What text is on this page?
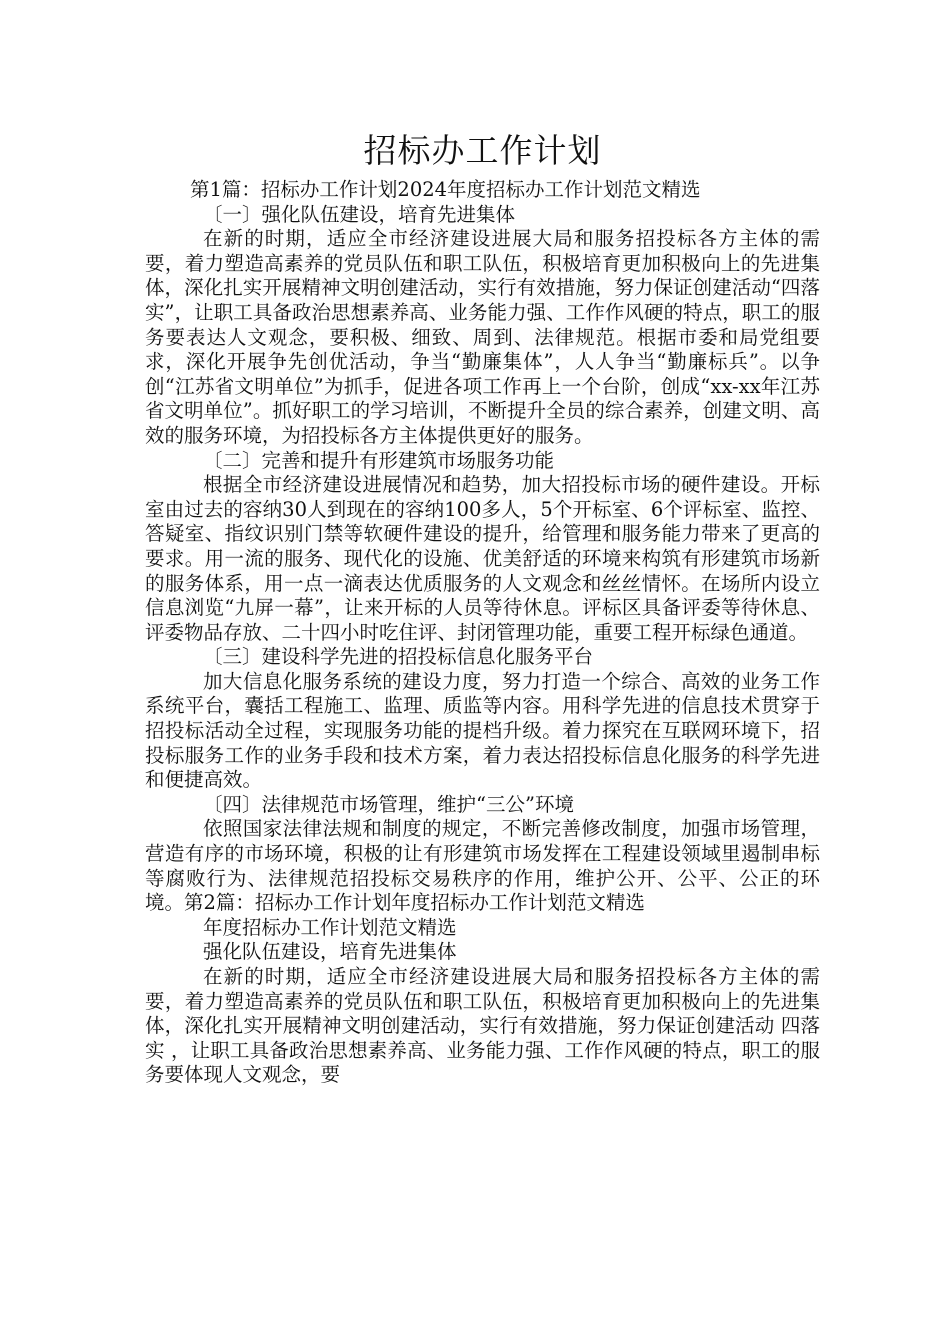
招标办工作计划

第1篇：招标办工作计划2024年度招标办工作计划范文精选

〔一〕强化队伍建设，培育先进集体

在新的时期，适应全市经济建设进展大局和服务招投标各方主体的需要，着力塑造高素养的党员队伍和职工队伍，积极培育更加积极向上的先进集体，深化扎实开展精神文明创建活动，实行有效措施，努力保证创建活动“四落实”，让职工具备政治思想素养高、业务能力强、工作作风硬的特点，职工的服务要表达人文观念，要积极、细致、周到、法律规范。根据市委和局党组要求，深化开展争先创优活动，争当“勤廉集体”，人人争当“勤廉标兵”。以争创“江苏省文明单位”为抓手，促进各项工作再上一个台阶，创成“xx-xx年江苏省文明单位”。抓好职工的学习培训，不断提升全员的综合素养，创建文明、高效的服务环境，为招投标各方主体提供更好的服务。

〔二〕完善和提升有形建筑市场服务功能

根据全市经济建设进展情况和趋势，加大招投标市场的硬件建设。开标室由过去的容纳30人到现在的容纳100多人，5个开标室、6个评标室、监控、答疑室、指纹识别门禁等软硬件建设的提升，给管理和服务能力带来了更高的要求。用一流的服务、现代化的设施、优美舒适的环境来构筑有形建筑市场新的服务体系，用一点一滴表达优质服务的人文观念和丝丝情怀。在场所内设立信息浏览“九屏一幕”，让来开标的人员等待休息。评标区具备评委等待休息、评委物品存放、二十四小时吃住评、封闭管理功能，重要工程开标绿色通道。

〔三〕建设科学先进的招投标信息化服务平台

加大信息化服务系统的建设力度，努力打造一个综合、高效的业务工作系统平台，囊括工程施工、监理、质监等内容。用科学先进的信息技术贯穿于招投标活动全过程，实现服务功能的提档升级。着力探究在互联网环境下，招投标服务工作的业务手段和技术方案，着力表达招投标信息化服务的科学先进和便捷高效。

〔四〕法律规范市场管理，维护“三公”环境

依照国家法律法规和制度的规定，不断完善修改制度，加强市场管理，营造有序的市场环境，积极的让有形建筑市场发挥在工程建设领域里遏制串标等腐败行为、法律规范招投标交易秩序的作用，维护公开、公平、公正的环境。第2篇：招标办工作计划年度招标办工作计划范文精选

年度招标办工作计划范文精选

强化队伍建设，培育先进集体

在新的时期，适应全市经济建设进展大局和服务招投标各方主体的需要，着力塑造高素养的党员队伍和职工队伍，积极培育更加积极向上的先进集体，深化扎实开展精神文明创建活动，实行有效措施，努力保证创建活动 四落实 ，让职工具备政治思想素养高、业务能力强、工作作风硬的特点，职工的服务要体现人文观念，要
